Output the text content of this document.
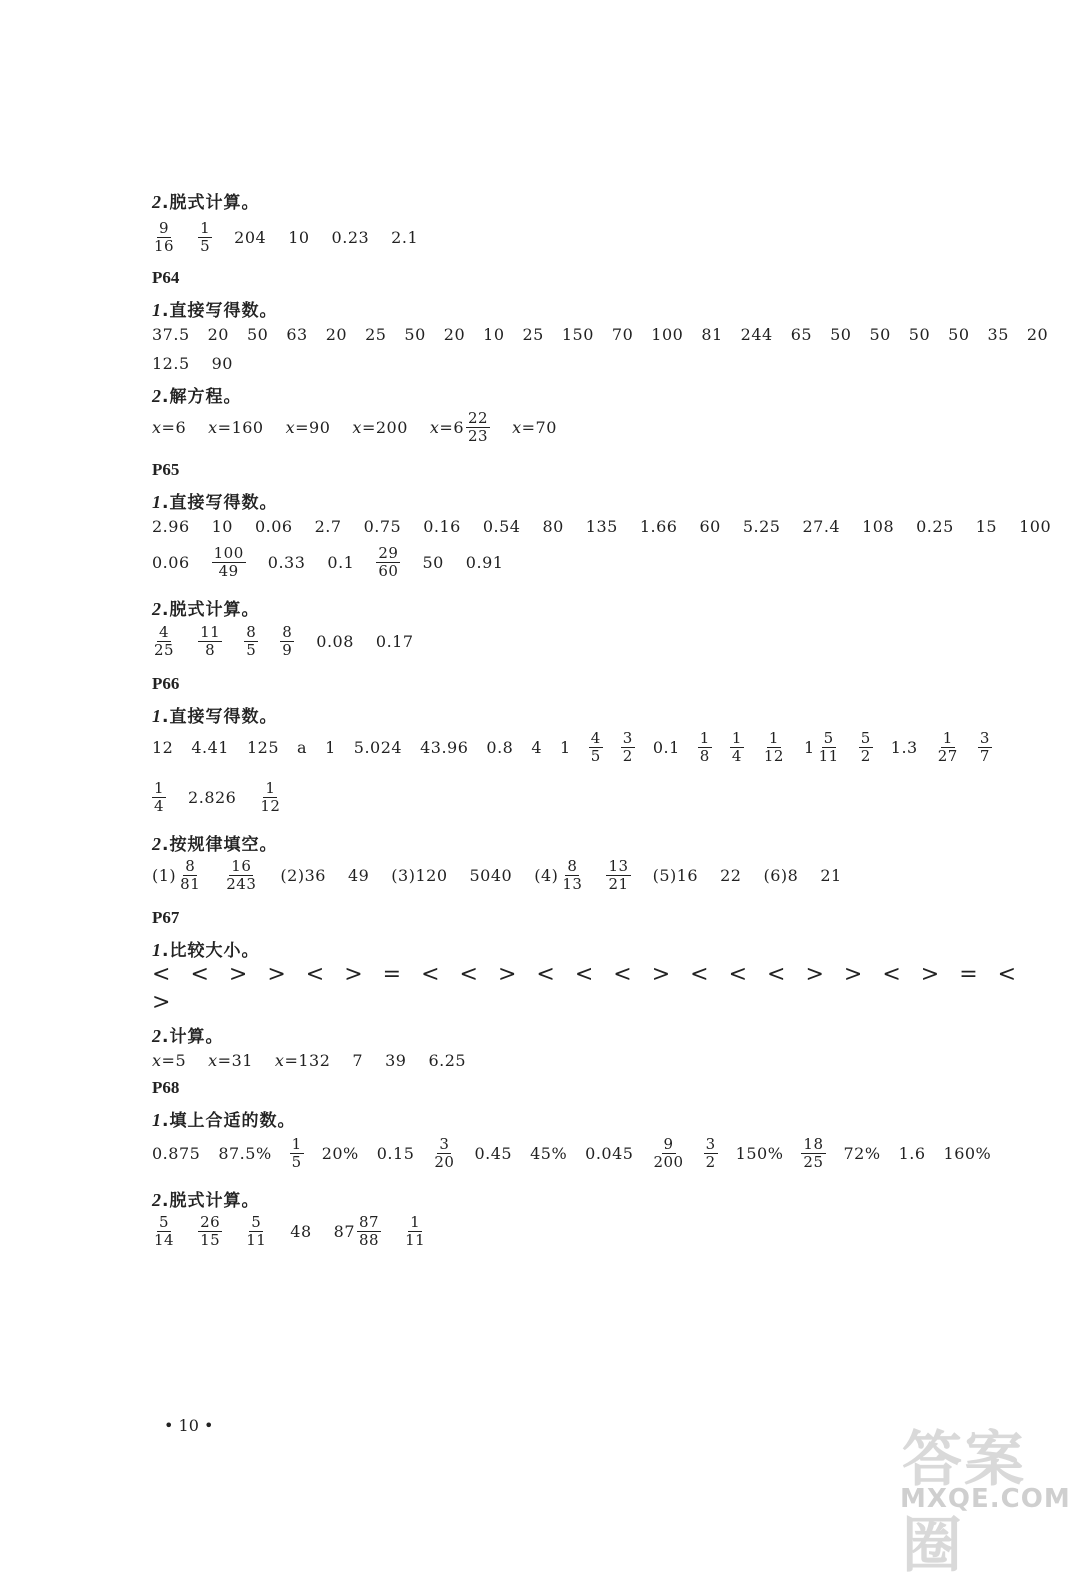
2.脱式计算。
$\frac{9}{16} \frac{1}{5} 204$ 10 0.23 2.1
P64
1.直接写得数。
37.5 20 50 63 20 25 50 20 10 25 150 70 100 81 244 65 50 50 50 50 35 20
12.5 90
2.解方程。
x=6 x=160 x=90 x=200 $x =6 \frac{22}{23} x=70$
P65
1.直接写得数。
2.96 10 0.06 2.7 0.75 0.16 0.54 80 135 1.66 60 5.25 27.4 108 0.25 15 100
$0.06 \frac{100}{49} 0.33$ $0.1 \frac{29}{60} 50$ 0.91
2.脱式计算。
$\frac{4}{25} \frac{11}{8} \frac{8}{5} \frac{8}{9} 0.08$ 0.17
P66
1.直接写得数。
12 4.41 125 a 1 5.024 43.96 0.8 4 $1 \frac{4}{5} \frac{3}{2} 0.1 \frac{1}{8} \frac{1}{4} \frac{1}{12} 1 \frac{5}{11} \frac{5}{2} 1.3 \frac{1}{27} \frac{3}{7}$
$\frac{1}{4} 2.826 \frac{1}{12}$
2.按规律填空。
$(1) \frac{8}{81} \frac{16}{243} (2)36$ 49 (3)120 5040 $(4) \frac{8}{13} \frac{13}{21} (5)16$ 22 (6)8 21
P67
1.比较大小。
< < > > < > = < < > < < < > < < < > > < > = <
>
2.计算。
x=5 x=31 x=132 7 39 6.25
P68
1.填上合适的数。
0.875 $87.5\% \frac{1}{5} 20\%$ $0.15 \frac{3}{20} 0.45$ 45% $0.045 \frac{9}{200} \frac{3}{2} 150\% \frac{18}{25} 72\%$ 1.6 160%
2.脱式计算。
$\frac{5}{14} \frac{26}{15} \frac{5}{11} 48$ $87 \frac{87}{88} \frac{1}{11}$
• 10 •	答案圈
MXQE.COM
